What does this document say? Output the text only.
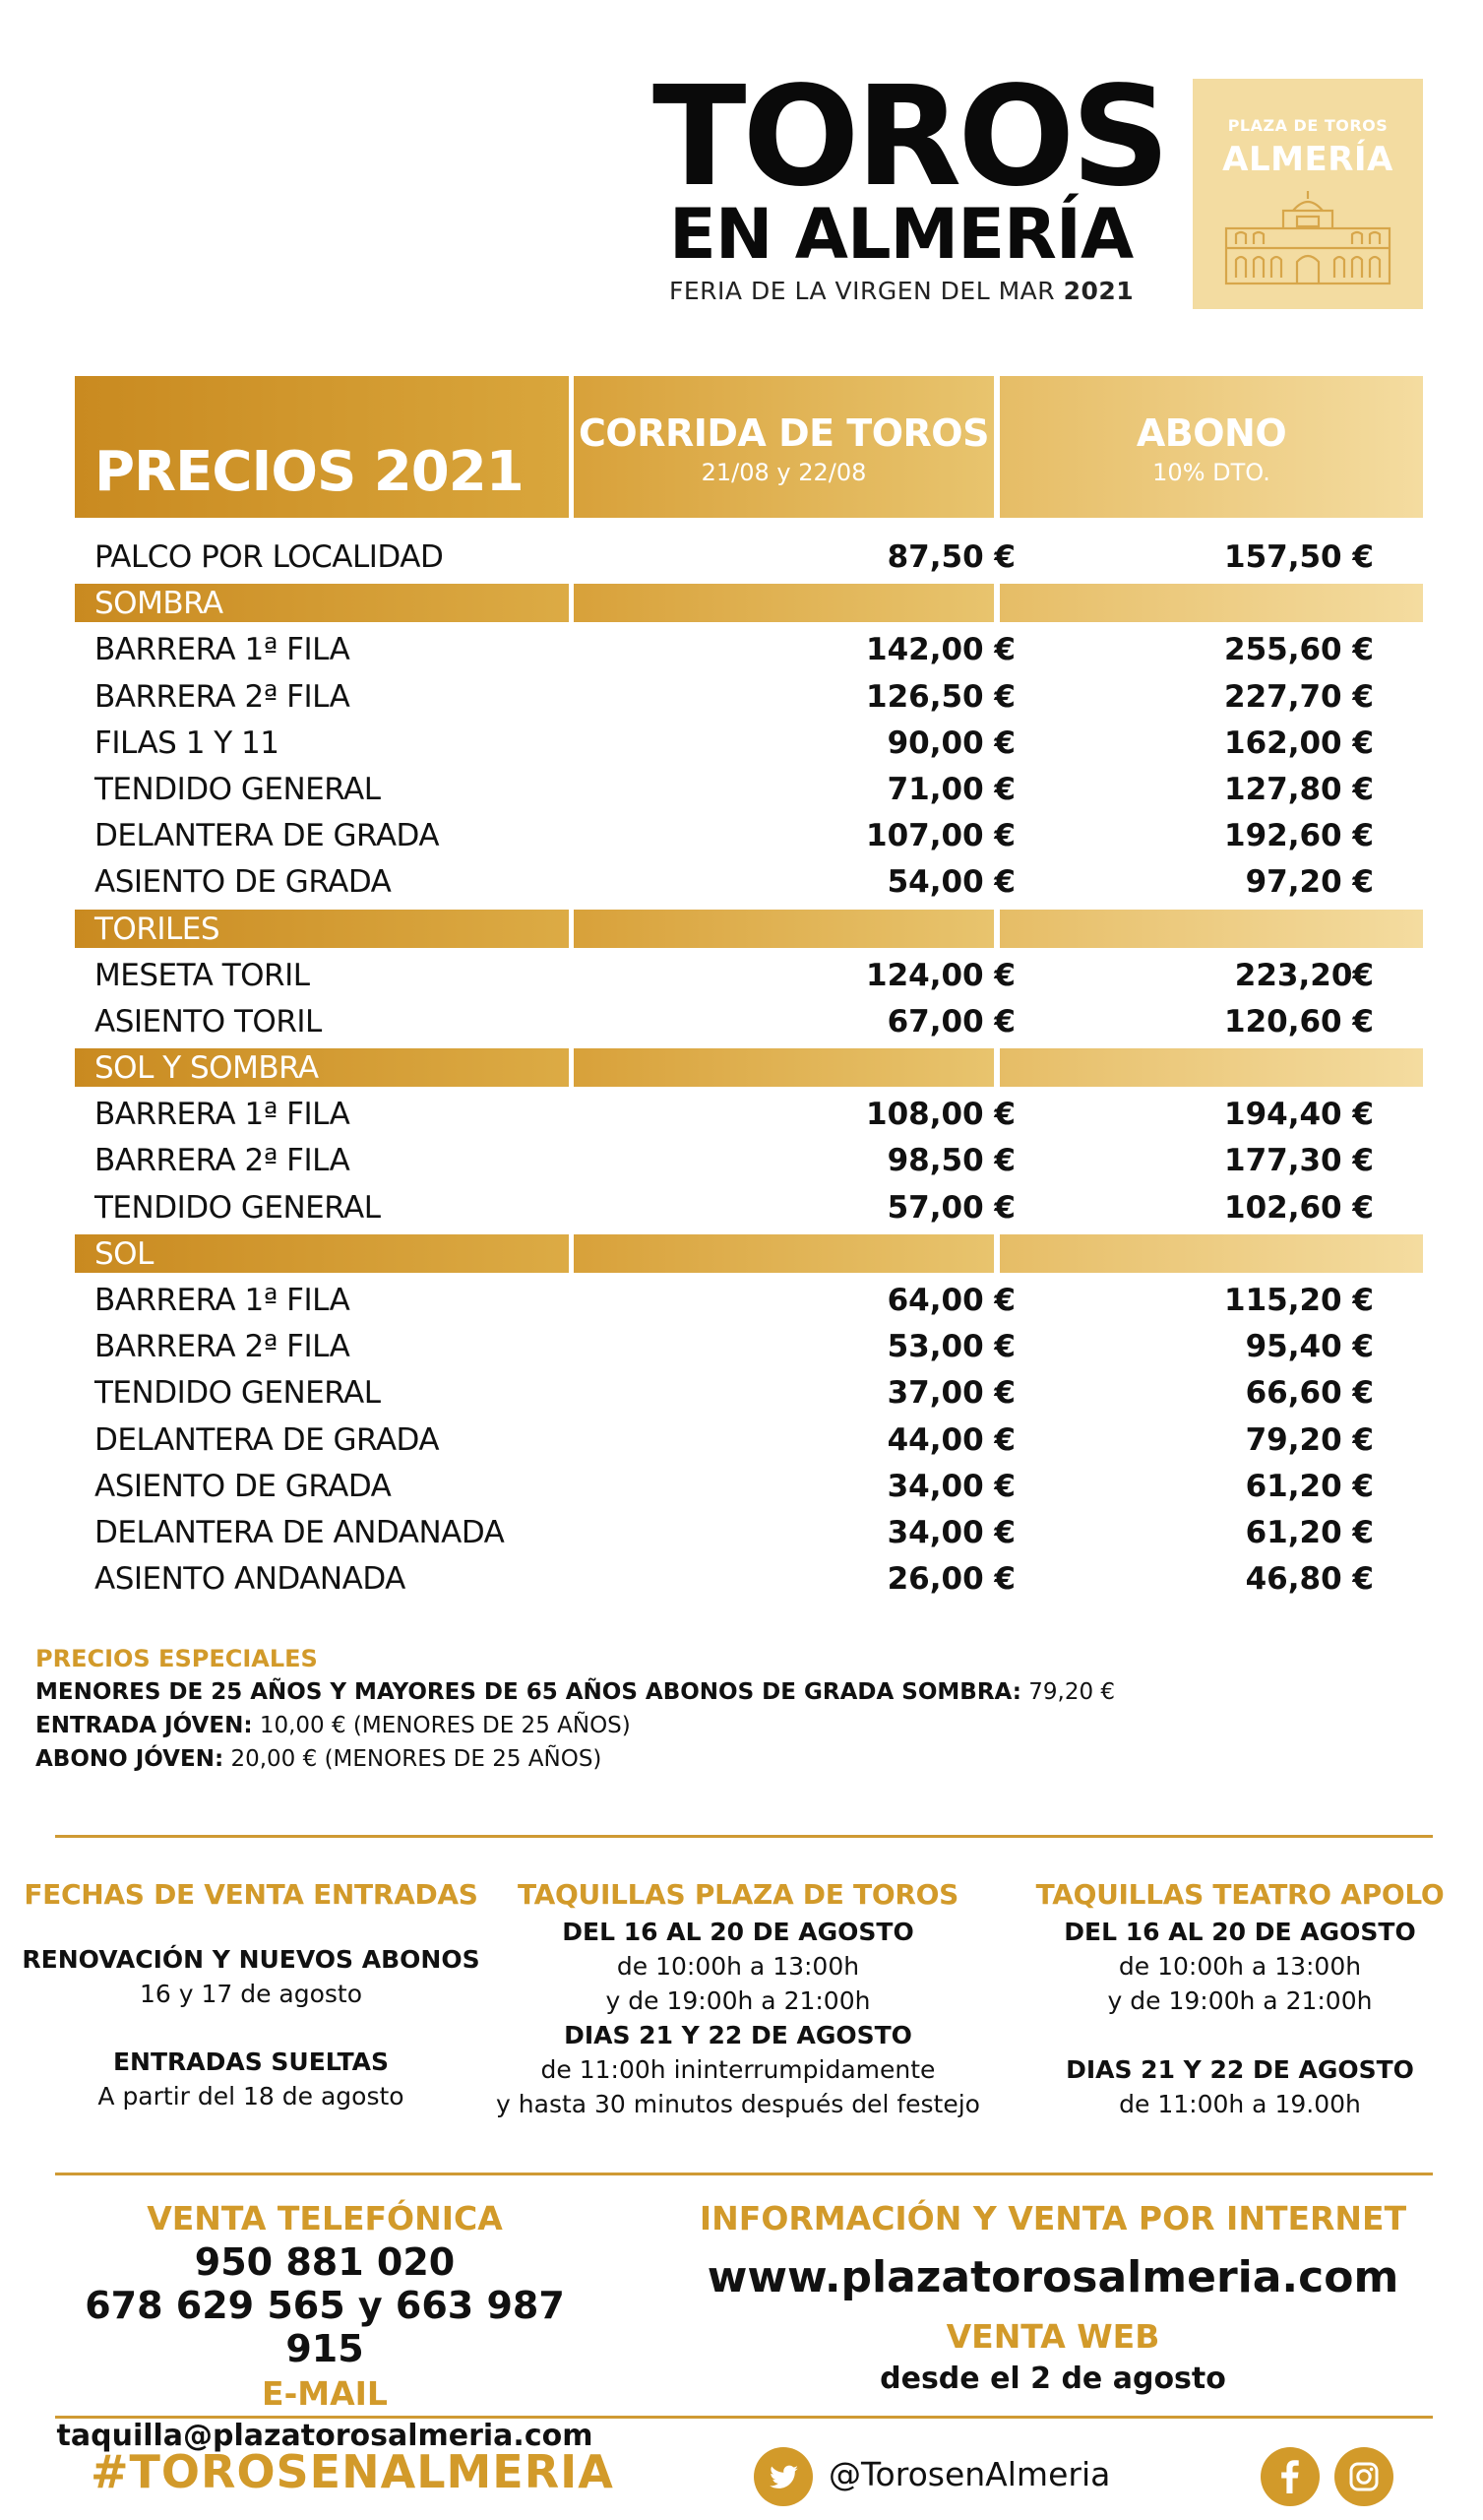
TOROS
EN ALMERÍA
FERIA DE LA VIRGEN DEL MAR 2021
PLAZA DE TOROS
ALMERÍA
PRECIOS 2021
CORRIDA DE TOROS
21/08 y 22/08
ABONO
10% DTO.
PALCO POR LOCALIDAD	87,50 €	157,50 €
SOMBRA
BARRERA 1ª FILA	142,00 €	255,60 €
BARRERA 2ª FILA	126,50 €	227,70 €
FILAS 1 Y 11	90,00 €	162,00 €
TENDIDO GENERAL	71,00 €	127,80 €
DELANTERA DE GRADA	107,00 €	192,60 €
ASIENTO DE GRADA	54,00 €	97,20 €
TORILES
MESETA TORIL	124,00 €	223,20€
ASIENTO TORIL	67,00 €	120,60 €
SOL Y SOMBRA
BARRERA 1ª FILA	108,00 €	194,40 €
BARRERA 2ª FILA	98,50 €	177,30 €
TENDIDO GENERAL	57,00 €	102,60 €
SOL
BARRERA 1ª FILA	64,00 €	115,20 €
BARRERA 2ª FILA	53,00 €	95,40 €
TENDIDO GENERAL	37,00 €	66,60 €
DELANTERA DE GRADA	44,00 €	79,20 €
ASIENTO DE GRADA	34,00 €	61,20 €
DELANTERA DE ANDANADA	34,00 €	61,20 €
ASIENTO ANDANADA	26,00 €	46,80 €
PRECIOS ESPECIALES
MENORES DE 25 AÑOS Y MAYORES DE 65 AÑOS ABONOS DE GRADA SOMBRA: 79,20 €
ENTRADA JÓVEN: 10,00 € (MENORES DE 25 AÑOS)
ABONO JÓVEN: 20,00 € (MENORES DE 25 AÑOS)
FECHAS DE VENTA ENTRADAS
RENOVACIÓN Y NUEVOS ABONOS
16 y 17 de agosto
ENTRADAS SUELTAS
A partir del 18 de agosto
TAQUILLAS PLAZA DE TOROS
DEL 16 AL 20 DE AGOSTO
de 10:00h a 13:00h
y de 19:00h a 21:00h
DIAS 21 Y 22 DE AGOSTO
de 11:00h ininterrumpidamente
y hasta 30 minutos después del festejo
TAQUILLAS TEATRO APOLO
DEL 16 AL 20 DE AGOSTO
de 10:00h a 13:00h
y de 19:00h a 21:00h
DIAS 21 Y 22 DE AGOSTO
de 11:00h a 19.00h
VENTA TELEFÓNICA
950 881 020
678 629 565 y 663 987 915
E-MAIL
taquilla@plazatorosalmeria.com
INFORMACIÓN Y VENTA POR INTERNET
www.plazatorosalmeria.com
VENTA WEB
desde el 2 de agosto
#TOROSENALMERIA	@TorosenAlmeria
